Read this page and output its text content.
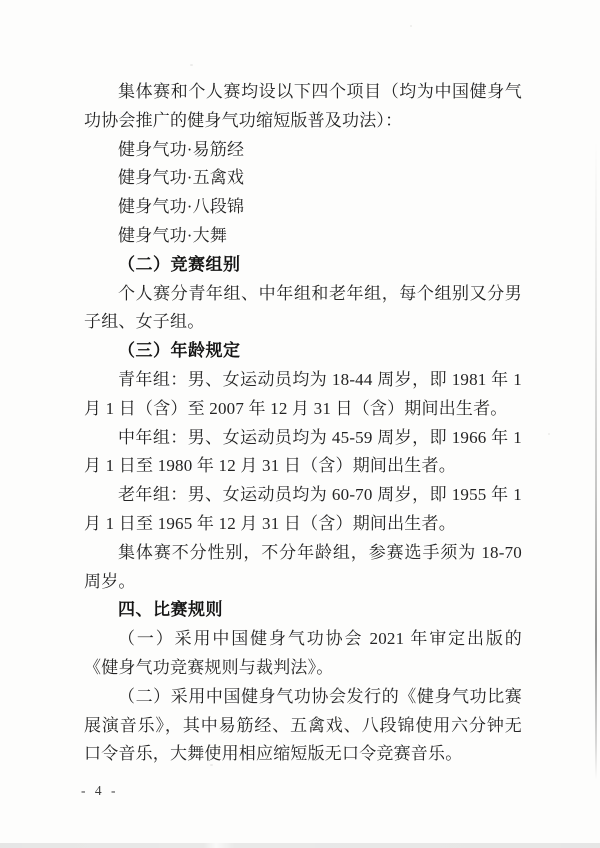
集体赛和个人赛均设以下四个项目（均为中国健身气功协会推广的健身气功缩短版普及功法）：

健身气功·易筋经

健身气功·五禽戏

健身气功·八段锦

健身气功·大舞

（二）竞赛组别

个人赛分青年组、中年组和老年组，每个组别又分男子组、女子组。

（三）年龄规定

青年组：男、女运动员均为 18-44 周岁，即 1981 年 1 月 1 日（含）至 2007 年 12 月 31 日（含）期间出生者。

中年组：男、女运动员均为 45-59 周岁，即 1966 年 1 月 1 日至 1980 年 12 月 31 日（含）期间出生者。

老年组：男、女运动员均为 60-70 周岁，即 1955 年 1 月 1 日至 1965 年 12 月 31 日（含）期间出生者。

集体赛不分性别，不分年龄组，参赛选手须为 18-70 周岁。

四、比赛规则

（一）采用中国健身气功协会 2021 年审定出版的《健身气功竞赛规则与裁判法》。

（二）采用中国健身气功协会发行的《健身气功比赛展演音乐》，其中易筋经、五禽戏、八段锦使用六分钟无口令音乐，大舞使用相应缩短版无口令竞赛音乐。

- 4 -
